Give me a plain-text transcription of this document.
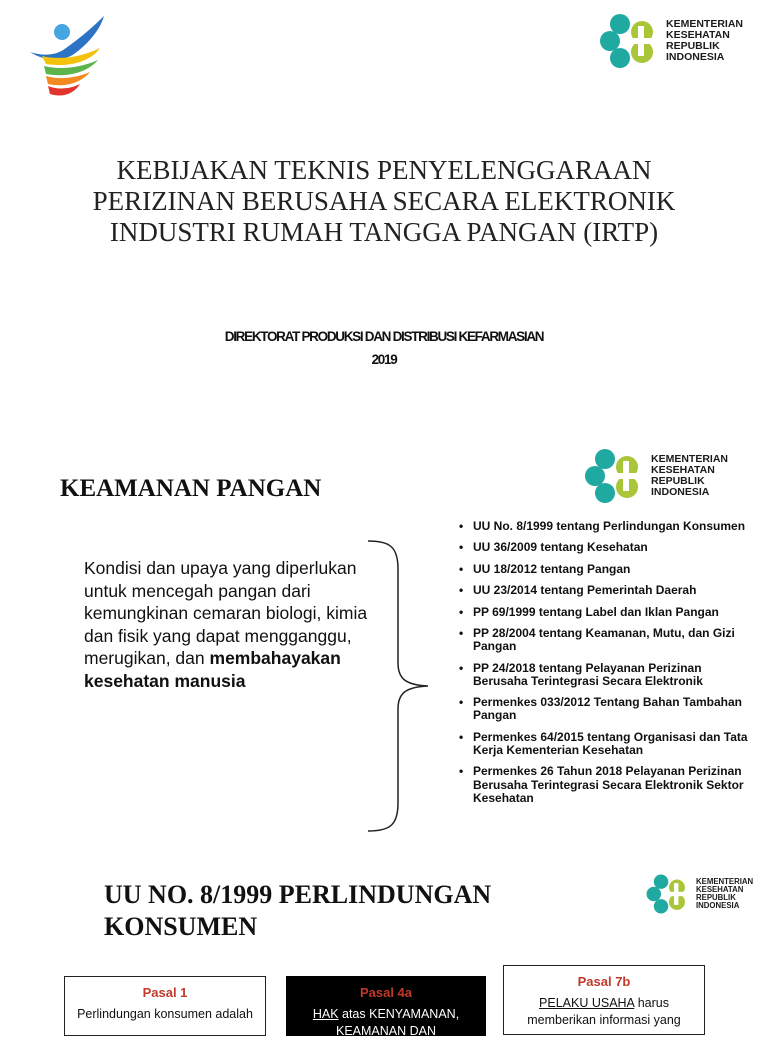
KEMENTERIAN
KESEHATAN
REPUBLIK
INDONESIA
KEBIJAKAN TEKNIS PENYELENGGARAAN
PERIZINAN BERUSAHA SECARA ELEKTRONIK
INDUSTRI RUMAH TANGGA PANGAN (IRTP)
DIREKTORAT PRODUKSI DAN DISTRIBUSI KEFARMASIAN
2019
KEMENTERIAN
KESEHATAN
REPUBLIK
INDONESIA
KEAMANAN PANGAN
Kondisi dan upaya yang diperlukan untuk mencegah pangan dari kemungkinan cemaran biologi, kimia dan fisik yang dapat mengganggu, merugikan, dan membahayakan kesehatan manusia
• UU No. 8/1999 tentang Perlindungan Konsumen
• UU 36/2009 tentang Kesehatan
• UU 18/2012 tentang Pangan
• UU 23/2014 tentang Pemerintah Daerah
• PP 69/1999 tentang Label dan Iklan Pangan
• PP 28/2004 tentang Keamanan, Mutu, dan Gizi Pangan
• PP 24/2018 tentang Pelayanan Perizinan Berusaha Terintegrasi Secara Elektronik
• Permenkes 033/2012 Tentang Bahan Tambahan Pangan
• Permenkes 64/2015 tentang Organisasi dan Tata Kerja Kementerian Kesehatan
• Permenkes 26 Tahun 2018 Pelayanan Perizinan Berusaha Terintegrasi Secara Elektronik Sektor Kesehatan
KEMENTERIAN
KESEHATAN
REPUBLIK
INDONESIA
UU NO. 8/1999 PERLINDUNGAN
KONSUMEN
Pasal 1
Perlindungan konsumen adalah
Pasal 4a
HAK atas KENYAMANAN,
KEAMANAN DAN
Pasal 7b
PELAKU USAHA harus
memberikan informasi yang
